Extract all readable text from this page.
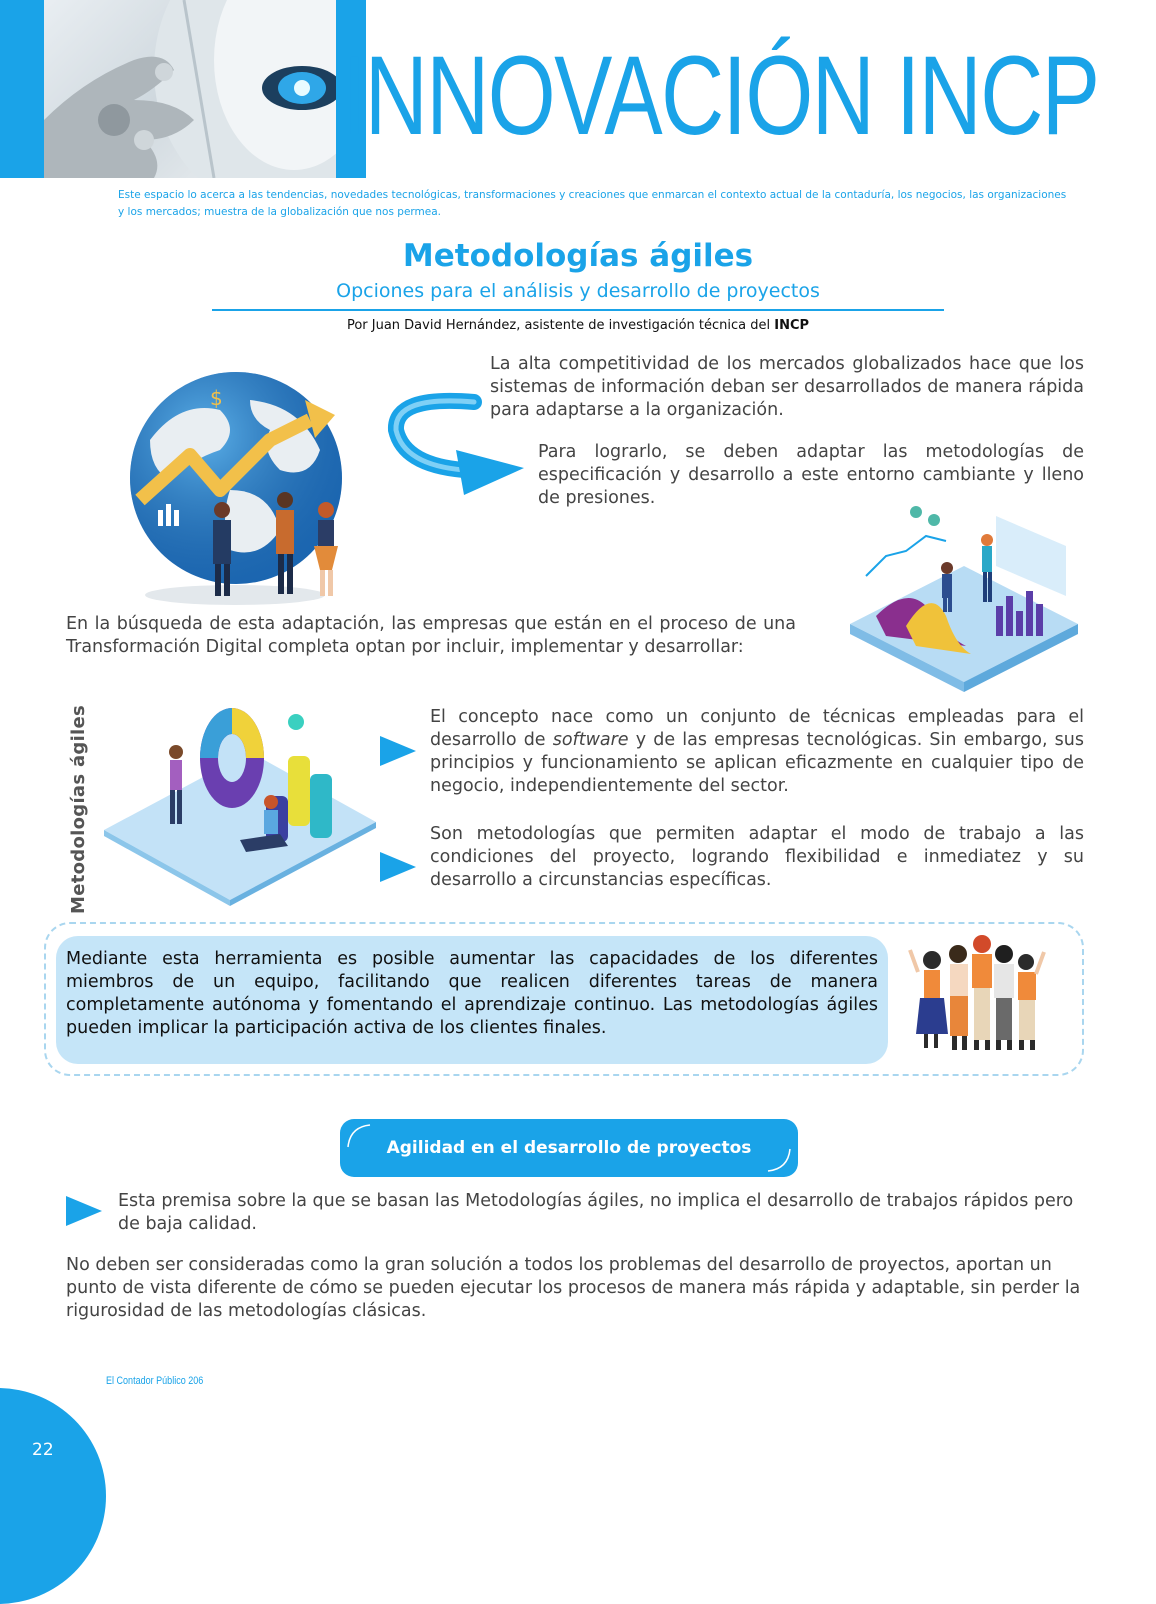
INNOVACIÓN INCP
Este espacio lo acerca a las tendencias, novedades tecnológicas, transformaciones y creaciones que enmarcan el contexto actual de la contaduría, los negocios, las organizaciones y los mercados; muestra de la globalización que nos permea.
Metodologías ágiles
Opciones para el análisis y desarrollo de proyectos
Por Juan David Hernández, asistente de investigación técnica del INCP
$
La alta competitividad de los mercados globalizados hace que los sistemas de información deban ser desarrollados de manera rápida para adaptarse a la organización.
Para lograrlo, se deben adaptar las metodologías de especificación y desarrollo a este entorno cambiante y lleno de presiones.
En la búsqueda de esta adaptación, las empresas que están en el proceso de una Transformación Digital completa optan por incluir, implementar y desarrollar:
Metodologías ágiles	El concepto nace como un conjunto de técnicas empleadas para el desarrollo de software y de las empresas tecnológicas. Sin embargo, sus principios y funcionamiento se aplican eficazmente en cualquier tipo de negocio, independientemente del sector.
Son metodologías que permiten adaptar el modo de trabajo a las condiciones del proyecto, logrando flexibilidad e inmediatez y su desarrollo a circunstancias específicas.
Mediante esta herramienta es posible aumentar las capacidades de los diferentes miembros de un equipo, facilitando que realicen diferentes tareas de manera completamente autónoma y fomentando el aprendizaje continuo. Las metodologías ágiles pueden implicar la participación activa de los clientes finales.
Agilidad en el desarrollo de proyectos
Esta premisa sobre la que se basan las Metodologías ágiles, no implica el desarrollo de trabajos rápidos pero de baja calidad.
No deben ser consideradas como la gran solución a todos los problemas del desarrollo de proyectos, aportan un punto de vista diferente de cómo se pueden ejecutar los procesos de manera más rápida y adaptable, sin perder la rigurosidad de las metodologías clásicas.
El Contador Público 206
22
